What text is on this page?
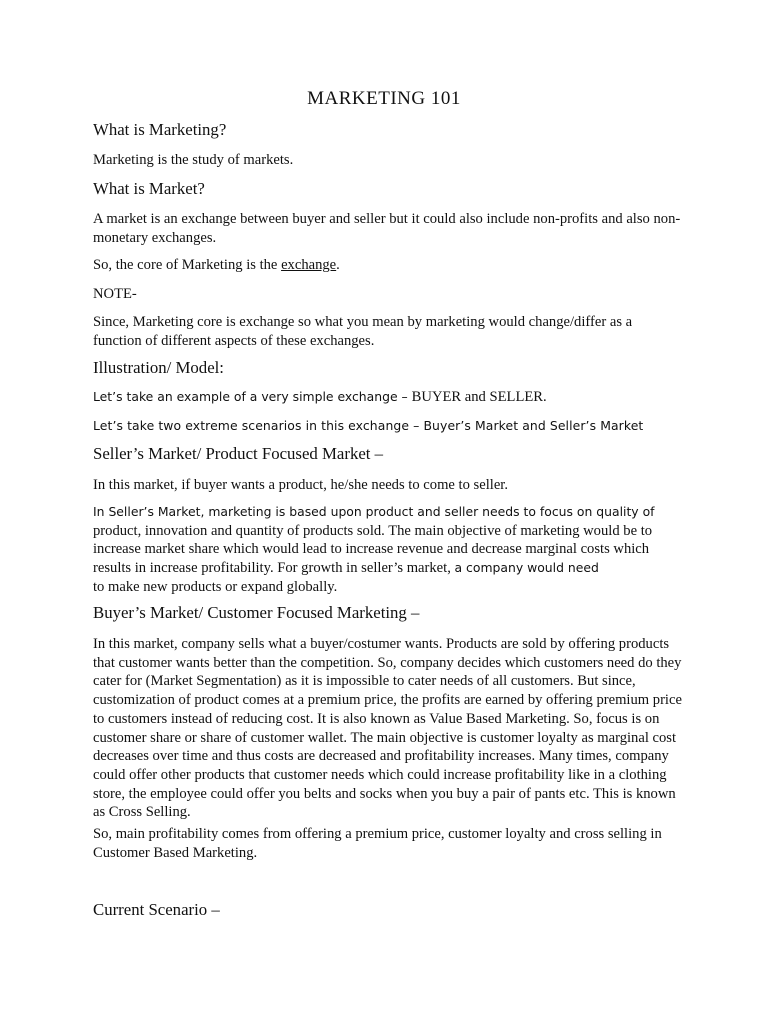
MARKETING 101
What is Marketing?
Marketing is the study of markets.
What is Market?
A market is an exchange between buyer and seller but it could also include non-profits and also non-monetary exchanges.
So, the core of Marketing is the exchange.
NOTE-
Since, Marketing core is exchange so what you mean by marketing would change/differ as a function of different aspects of these exchanges.
Illustration/ Model:
Let’s take an example of a very simple exchange – BUYER and SELLER.
Let’s take two extreme scenarios in this exchange – Buyer’s Market and Seller’s Market
Seller’s Market/ Product Focused Market –
In this market, if buyer wants a product, he/she needs to come to seller.
In Seller’s Market, marketing is based upon product and seller needs to focus on quality of
product, innovation and quantity of products sold. The main objective of marketing would be to increase market share which would lead to increase revenue and decrease marginal costs which results in increase profitability. For growth in seller’s market, a company would need
to make new products or expand globally.
Buyer’s Market/ Customer Focused Marketing –
In this market, company sells what a buyer/costumer wants. Products are sold by offering products that customer wants better than the competition. So, company decides which customers need do they cater for (Market Segmentation) as it is impossible to cater needs of all customers. But since, customization of product comes at a premium price, the profits are earned by offering premium price to customers instead of reducing cost. It is also known as Value Based Marketing. So, focus is on customer share or share of customer wallet. The main objective is customer loyalty as marginal cost decreases over time and thus costs are decreased and profitability increases. Many times, company could offer other products that customer needs which could increase profitability like in a clothing store, the employee could offer you belts and socks when you buy a pair of pants etc. This is known as Cross Selling.
So, main profitability comes from offering a premium price, customer loyalty and cross selling in Customer Based Marketing.
Current Scenario –
